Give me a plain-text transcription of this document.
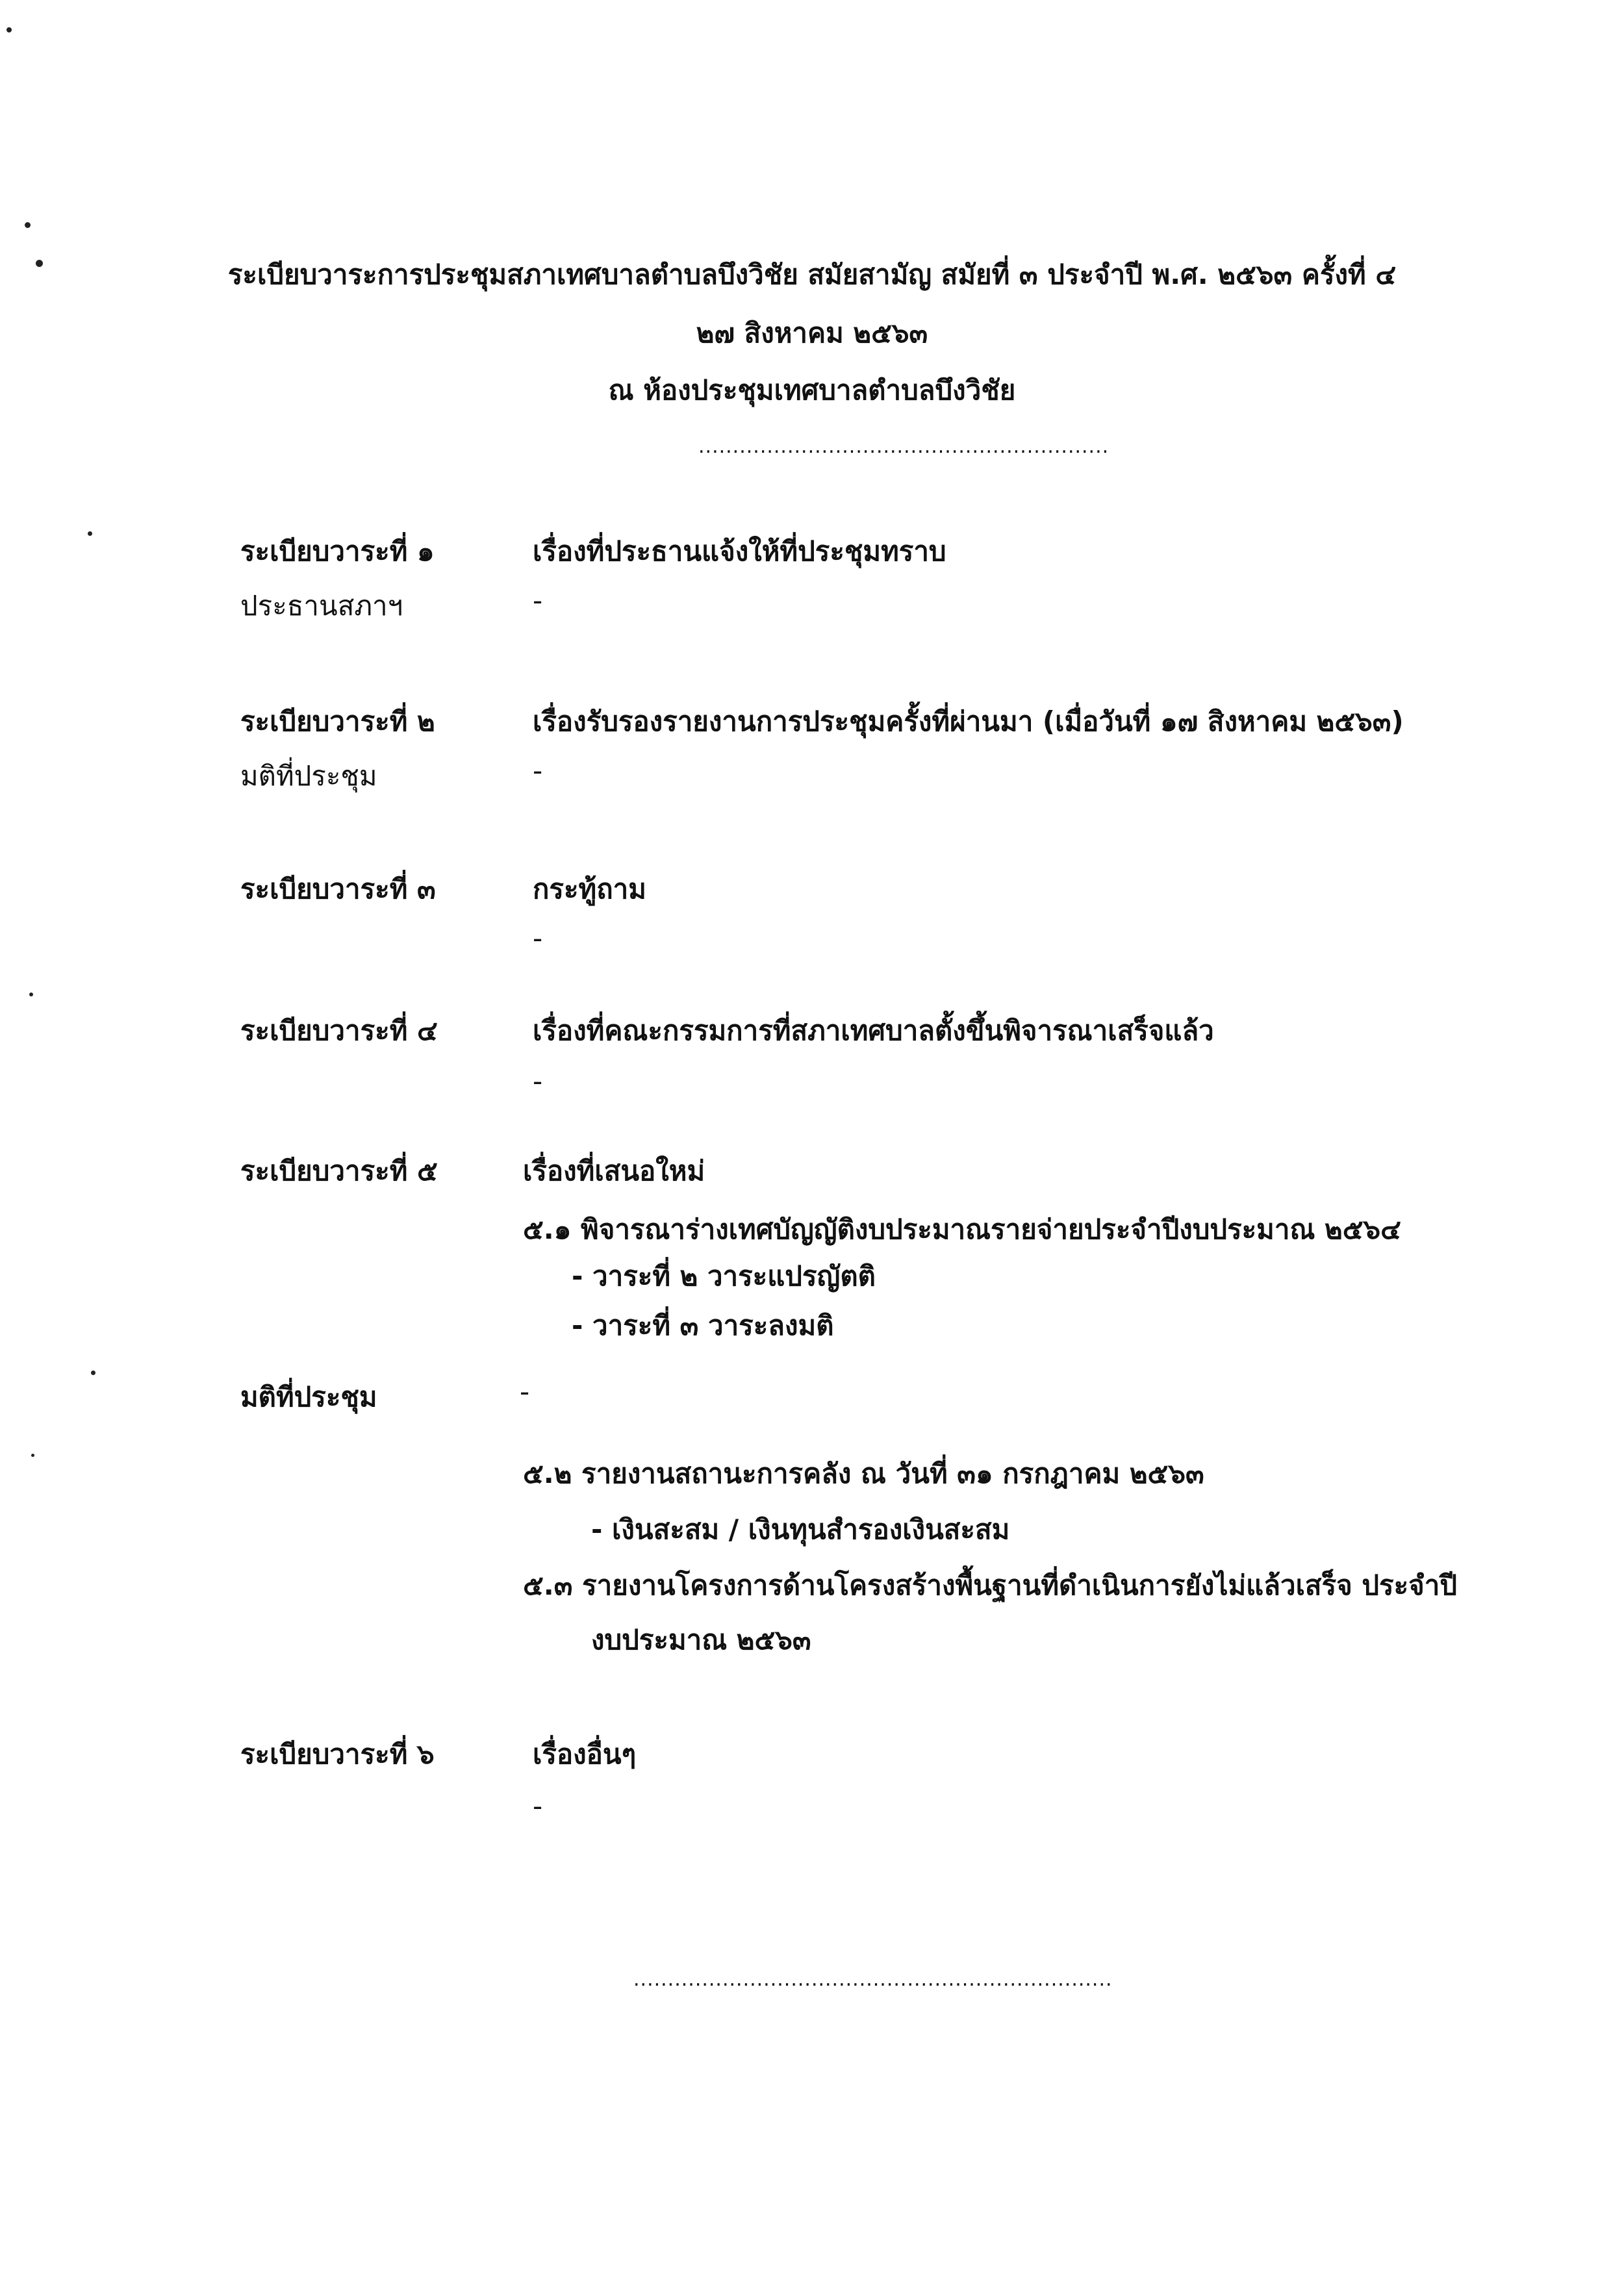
ระเบียบวาระการประชุมสภาเทศบาลตำบลบึงวิชัย สมัยสามัญ สมัยที่ ๓ ประจำปี พ.ศ. ๒๕๖๓ ครั้งที่ ๔
๒๗ สิงหาคม ๒๕๖๓
ณ ห้องประชุมเทศบาลตำบลบึงวิชัย
............................................................
ระเบียบวาระที่ ๑	เรื่องที่ประธานแจ้งให้ที่ประชุมทราบ
ประธานสภาฯ	-
ระเบียบวาระที่ ๒	เรื่องรับรองรายงานการประชุมครั้งที่ผ่านมา (เมื่อวันที่ ๑๗ สิงหาคม ๒๕๖๓)
มติที่ประชุม	-
ระเบียบวาระที่ ๓	กระทู้ถาม
-
ระเบียบวาระที่ ๔	เรื่องที่คณะกรรมการที่สภาเทศบาลตั้งขึ้นพิจารณาเสร็จแล้ว
-
ระเบียบวาระที่ ๕	เรื่องที่เสนอใหม่
๕.๑ พิจารณาร่างเทศบัญญัติงบประมาณรายจ่ายประจำปีงบประมาณ ๒๕๖๔
- วาระที่ ๒ วาระแปรญัตติ
- วาระที่ ๓ วาระลงมติ
มติที่ประชุม	-
๕.๒ รายงานสถานะการคลัง ณ วันที่ ๓๑ กรกฎาคม ๒๕๖๓
- เงินสะสม / เงินทุนสำรองเงินสะสม
๕.๓ รายงานโครงการด้านโครงสร้างพื้นฐานที่ดำเนินการยังไม่แล้วเสร็จ ประจำปี
งบประมาณ ๒๕๖๓
ระเบียบวาระที่ ๖	เรื่องอื่นๆ
-
......................................................................
